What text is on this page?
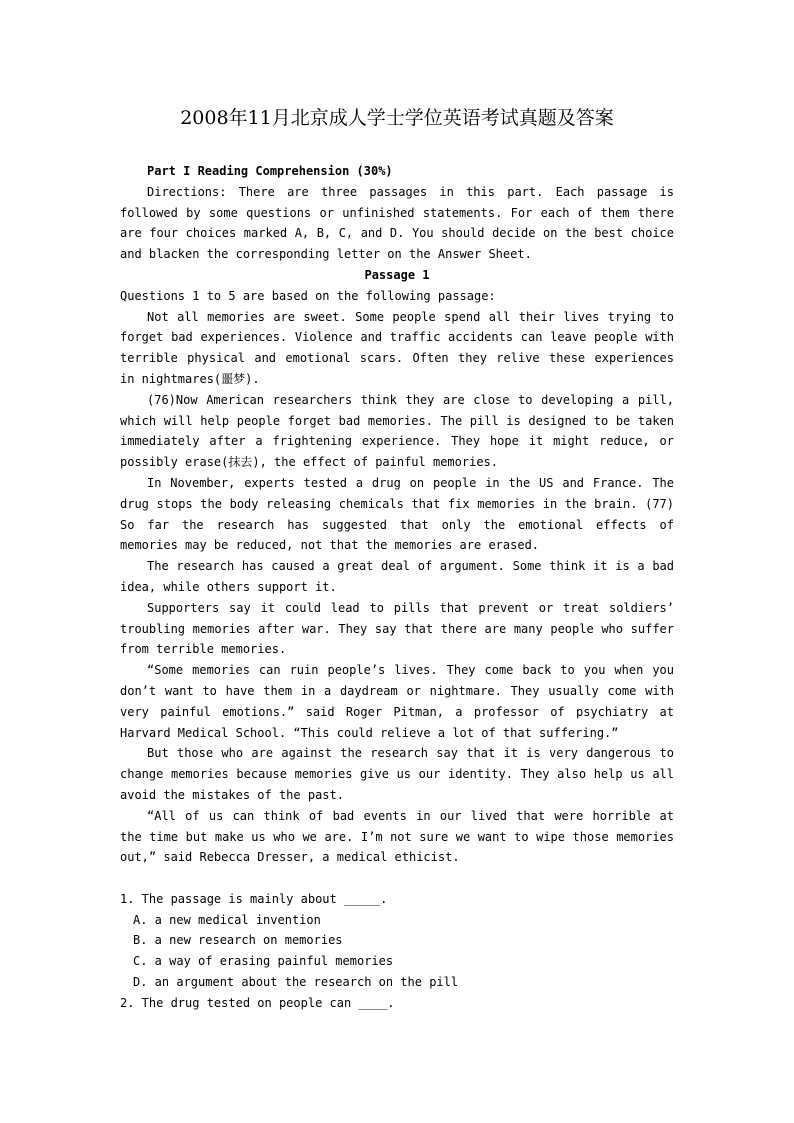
2008年11月北京成人学士学位英语考试真题及答案

Part I Reading Comprehension (30%)

Directions: There are three passages in this part. Each passage is followed by some questions or unfinished statements. For each of them there are four choices marked A, B, C, and D. You should decide on the best choice and blacken the corresponding letter on the Answer Sheet.

Passage 1

Questions 1 to 5 are based on the following passage:

Not all memories are sweet. Some people spend all their lives trying to forget bad experiences. Violence and traffic accidents can leave people with terrible physical and emotional scars. Often they relive these experiences in nightmares(噩梦).

(76)Now American researchers think they are close to developing a pill, which will help people forget bad memories. The pill is designed to be taken immediately after a frightening experience. They hope it might reduce, or possibly erase(抹去), the effect of painful memories.

In November, experts tested a drug on people in the US and France. The drug stops the body releasing chemicals that fix memories in the brain. (77) So far the research has suggested that only the emotional effects of memories may be reduced, not that the memories are erased.

The research has caused a great deal of argument. Some think it is a bad idea, while others support it.

Supporters say it could lead to pills that prevent or treat soldiers’ troubling memories after war. They say that there are many people who suffer from terrible memories.

“Some memories can ruin people’s lives. They come back to you when you don’t want to have them in a daydream or nightmare. They usually come with very painful emotions.” said Roger Pitman, a professor of psychiatry at Harvard Medical School. “This could relieve a lot of that suffering.”

But those who are against the research say that it is very dangerous to change memories because memories give us our identity. They also help us all avoid the mistakes of the past.

“All of us can think of bad events in our lived that were horrible at the time but make us who we are. I’m not sure we want to wipe those memories out,” said Rebecca Dresser, a medical ethicist.

1. The passage is mainly about _____.

A. a new medical invention

B. a new research on memories

C. a way of erasing painful memories

D. an argument about the research on the pill

2. The drug tested on people can ____.
